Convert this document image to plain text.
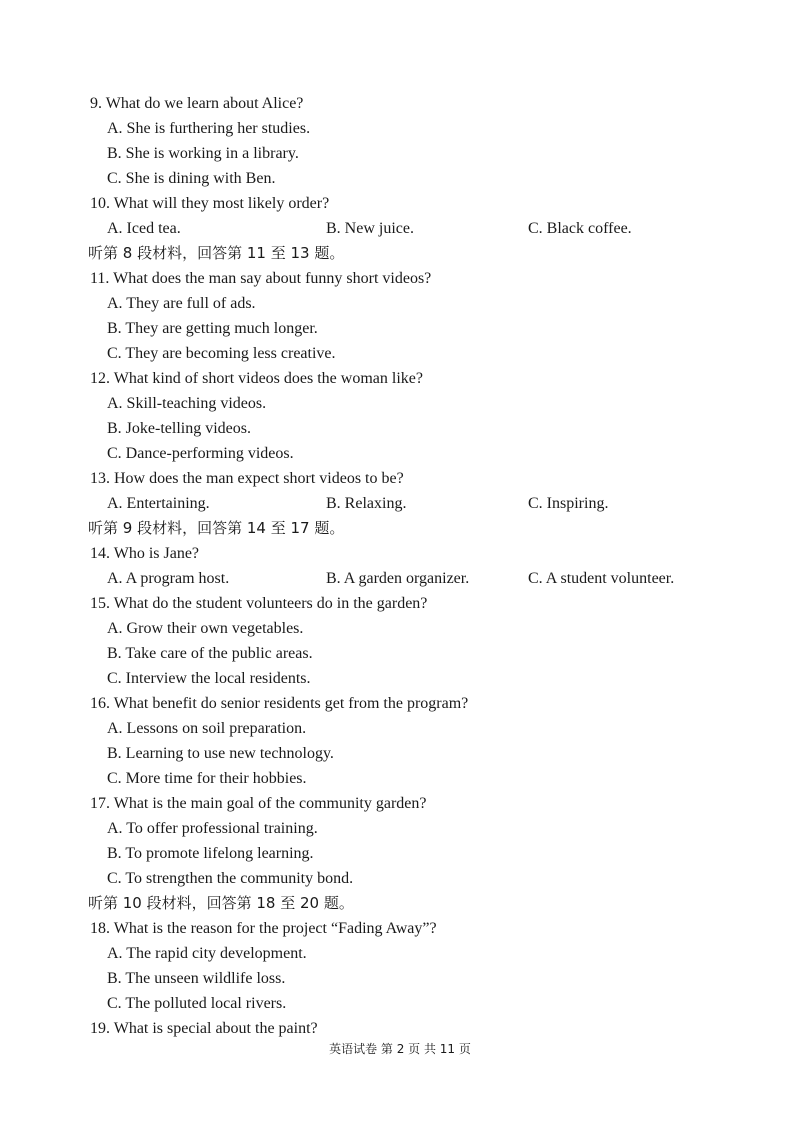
9. What do we learn about Alice?
A. She is furthering her studies.
B. She is working in a library.
C. She is dining with Ben.
10. What will they most likely order?
A. Iced tea.	B. New juice.	C. Black coffee.
听第 8 段材料，回答第 11 至 13 题。
11. What does the man say about funny short videos?
A. They are full of ads.
B. They are getting much longer.
C. They are becoming less creative.
12. What kind of short videos does the woman like?
A. Skill-teaching videos.
B. Joke-telling videos.
C. Dance-performing videos.
13. How does the man expect short videos to be?
A. Entertaining.	B. Relaxing.	C. Inspiring.
听第 9 段材料，回答第 14 至 17 题。
14. Who is Jane?
A. A program host.	B. A garden organizer.	C. A student volunteer.
15. What do the student volunteers do in the garden?
A. Grow their own vegetables.
B. Take care of the public areas.
C. Interview the local residents.
16. What benefit do senior residents get from the program?
A. Lessons on soil preparation.
B. Learning to use new technology.
C. More time for their hobbies.
17. What is the main goal of the community garden?
A. To offer professional training.
B. To promote lifelong learning.
C. To strengthen the community bond.
听第 10 段材料，回答第 18 至 20 题。
18. What is the reason for the project “Fading Away”?
A. The rapid city development.
B. The unseen wildlife loss.
C. The polluted local rivers.
19. What is special about the paint?
英语试卷 第 2 页 共 11 页
